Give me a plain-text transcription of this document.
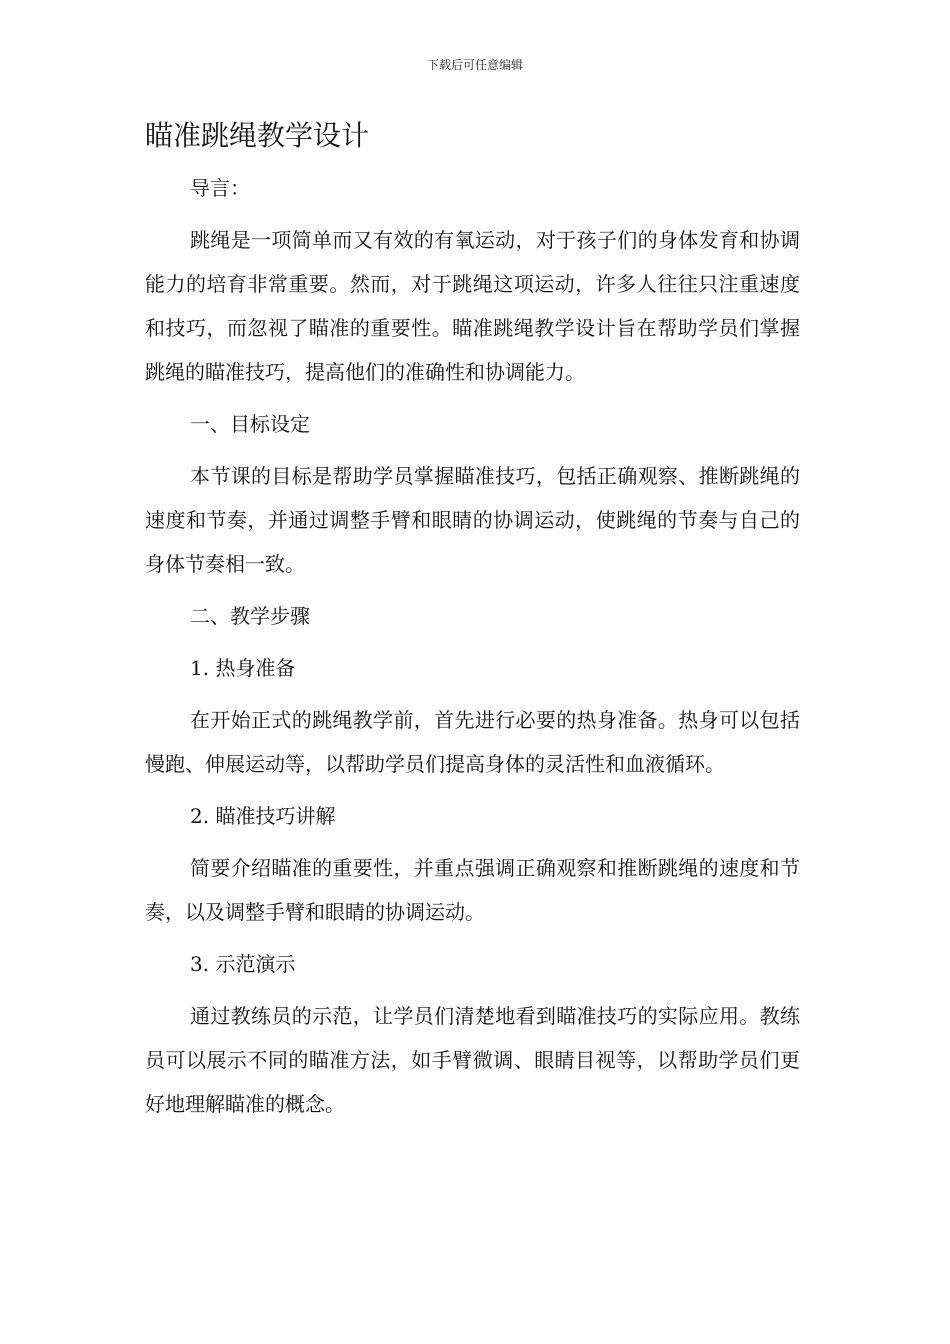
下载后可任意编辑
瞄准跳绳教学设计

导言：

跳绳是一项简单而又有效的有氧运动，对于孩子们的身体发育和协调能力的培育非常重要。然而，对于跳绳这项运动，许多人往往只注重速度和技巧，而忽视了瞄准的重要性。瞄准跳绳教学设计旨在帮助学员们掌握跳绳的瞄准技巧，提高他们的准确性和协调能力。

一、目标设定

本节课的目标是帮助学员掌握瞄准技巧，包括正确观察、推断跳绳的速度和节奏，并通过调整手臂和眼睛的协调运动，使跳绳的节奏与自己的身体节奏相一致。

二、教学步骤

1. 热身准备

在开始正式的跳绳教学前，首先进行必要的热身准备。热身可以包括慢跑、伸展运动等，以帮助学员们提高身体的灵活性和血液循环。

2. 瞄准技巧讲解

简要介绍瞄准的重要性，并重点强调正确观察和推断跳绳的速度和节奏，以及调整手臂和眼睛的协调运动。

3. 示范演示

通过教练员的示范，让学员们清楚地看到瞄准技巧的实际应用。教练员可以展示不同的瞄准方法，如手臂微调、眼睛目视等，以帮助学员们更好地理解瞄准的概念。
